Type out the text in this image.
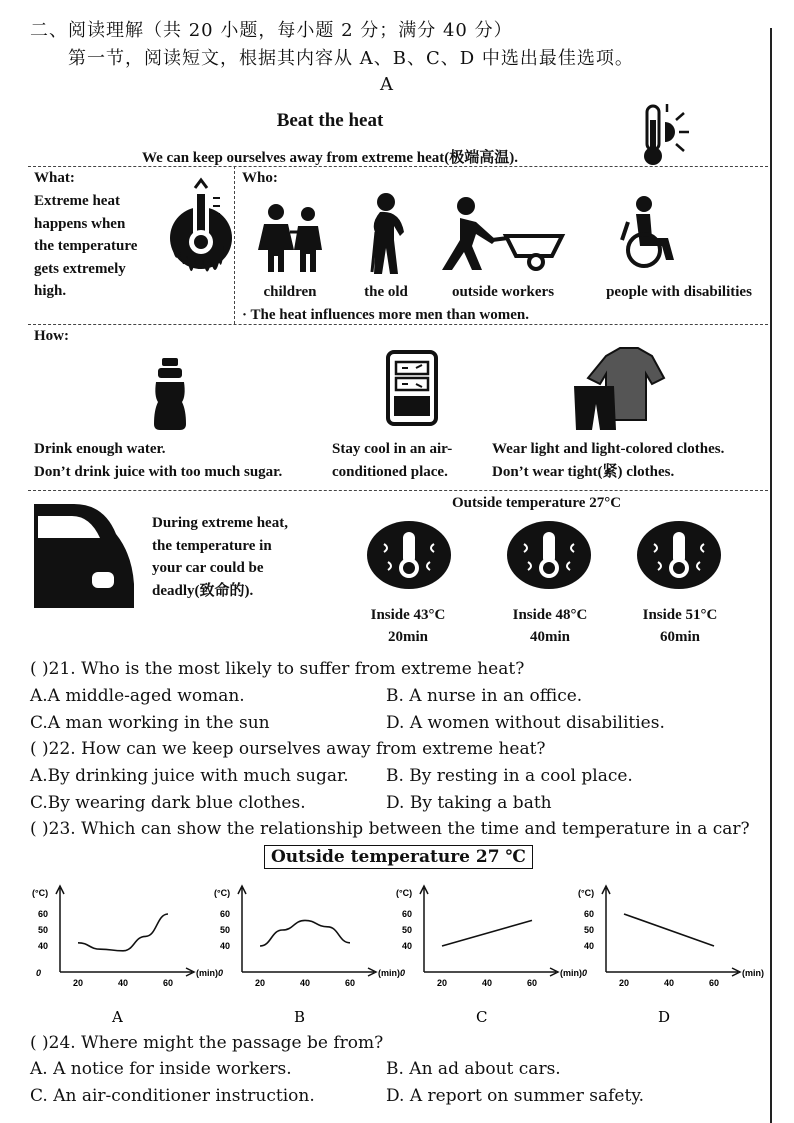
二、阅读理解（共 20 小题，每小题 2 分；满分 40 分）
第一节，阅读短文，根据其内容从 A、B、C、D 中选出最佳选项。
A
Beat the heat
We can keep ourselves away from extreme heat(极端高温).
What:
Extreme heat
happens when
the temperature
gets extremely
high.
Who:
children	the old	outside workers	people with disabilities
· The heat influences more men than women.
How:
Drink enough water.
Don’t drink juice with too much sugar.
Stay cool in an air-
conditioned place.
Wear light and light-colored clothes.
Don’t wear tight(紧) clothes.
During extreme heat,
the temperature in
your car could be
deadly(致命的).
Outside temperature 27°C
Inside 43°C
20min
Inside 48°C
40min
Inside 51°C
60min
( )21. Who is the most likely to suffer from extreme heat?
A.A middle-aged woman.	B. A nurse in an office.
C.A man working in the sun	D. A women without disabilities.
( )22. How can we keep ourselves away from extreme heat?
A.By drinking juice with much sugar. B. By resting in a cool place.
C.By wearing dark blue clothes.	D. By taking a bath
( )23. Which can show the relationship between the time and temperature in a car?
Outside temperature 27 ℃
(°C)
(min)
0
60
50
40
20	40	60
A
(°C)
(min)
0
60
50
40
20	40	60
B
(°C)
(min)
0
60
50
40
20	40	60
C
(°C)
(min)
0
60
50
40
20	40	60
D
( )24. Where might the passage be from?
A. A notice for inside workers.	B. An ad about cars.
C. An air-conditioner instruction.	D. A report on summer safety.
